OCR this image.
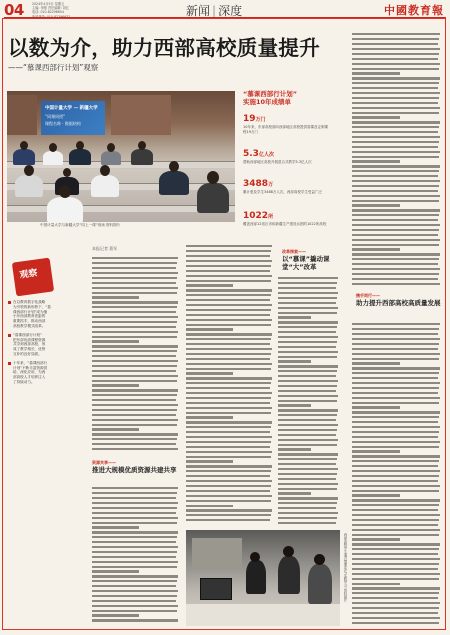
04	2024年4月5日 星期五
主编: 李刚 责任编辑: 刘红
电话: 010-82296654
新闻热线: 010-82296632	新闻 | 深度	中國教育報
以数为介，助力西部高校质量提升
——“慕课西部行计划”观察
中国计量大学 — 新疆大学
“同课同授”
课程名称 · 数据结构
中国计量大学与新疆大学“同上一课”现场 资料图片
“慕课西部行计划”
实施10年成绩单
19万门
10年来，东部高校面向西部地区高校提供慕课及定制课程19万门
5.3亿人次
帮助西部地区高校开展混合式教学5.3亿人次
3488万
累计惠及学生3488万人次，西部高校学生受益广泛
1022所
覆盖西部12省区市和新疆生产建设兵团的1022所高校
观察
在以教育数字化战略
为引领的新形势下，“慕
课西部行计划”成为缩
小东西部教育差距的
重要抓手，推动西部
高校教学模式改革。
“慕课西部行计划”
把东部优质课程资源
共享到西部高校，形
成了教学相长、优势
互补的良好局面。
十年来，“慕课西部行
计划”不断丰富资源供
给，深化应用，为西
部高校人才培养注入
了持续动力。
本报记者 葛军
资源共享——
推进大规模优质资源共建共享
改革探索——
以“慕课”撬动课堂“大”改革
携手同行——
助力提升西部高校高质量发展
西部高校学生通过慕课参与实践学习 资料图片
